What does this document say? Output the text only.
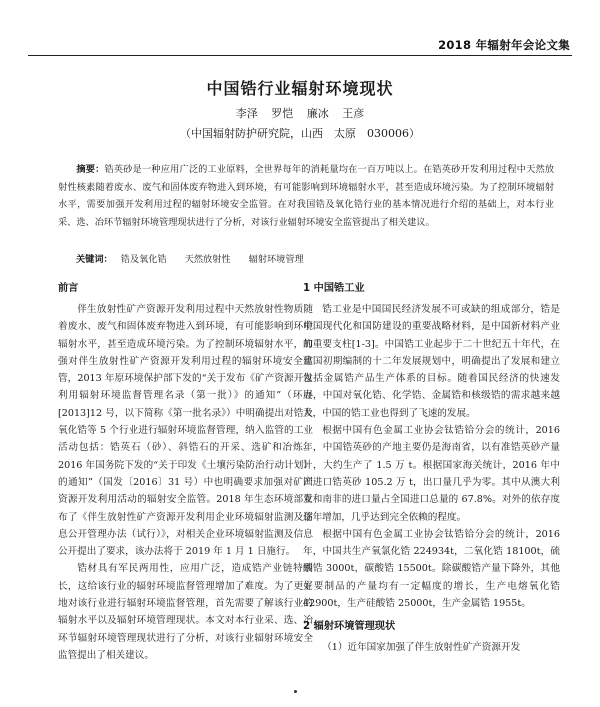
2018 年辐射年会论文集
中国锆行业辐射环境现状
李泽 罗恺 廉冰 王彦
（中国辐射防护研究院，山西　太原　030006）
摘要：锆英砂是一种应用广泛的工业原料，全世界每年的消耗量均在一百万吨以上。在锆英砂开发利用过程中天然放射性核素随着废水、废气和固体废弃物进入到环境，有可能影响到环境辐射水平，甚至造成环境污染。为了控制环境辐射水平，需要加强开发利用过程的辐射环境安全监管。在对我国锆及氧化锆行业的基本情况进行介绍的基础上，对本行业采、选、冶环节辐射环境管理现状进行了分析，对该行业辐射环境安全监管提出了相关建议。
关键词： 锆及氧化锆 天然放射性 辐射环境管理
前言

伴生放射性矿产资源开发利用过程中天然放射性物质随着废水、废气和固体废弃物进入到环境，有可能影响到环境辐射水平，甚至造成环境污染。为了控制环境辐射水平，加强对伴生放射性矿产资源开发利用过程的辐射环境安全监管，2013 年原环境保护部下发的“关于发布《矿产资源开发利用辐射环境监督管理名录（第一批）》的通知”（环办[2013]12 号，以下简称《第一批名录》）中明确提出对锆及氧化锆等 5 个行业进行辐射环境监督管理，纳入监管的工业活动包括：锆英石（砂）、斜锆石的开采、选矿和冶炼。2016 年国务院下发的“关于印发《土壤污染防治行动计划》的通知”（国发〔2016〕31 号）中也明确要求加强对矿产资源开发利用活动的辐射安全监管。2018 年生态环境部发布了《伴生放射性矿产资源开发利用企业环境辐射监测及信息公开管理办法（试行）》，对相关企业环境辐射监测及信息公开提出了要求，该办法将于 2019 年 1 月 1 日施行。

锆材具有军民两用性，应用广泛，造成锆产业链特别长，这给该行业的辐射环境监督管理增加了难度。为了更好地对该行业进行辐射环境监督管理，首先需要了解该行业的辐射水平以及辐射环境管理现状。本文对本行业采、选、冶环节辐射环境管理现状进行了分析，对该行业辐射环境安全监管提出了相关建议。

1 中国锆工业

锆工业是中国国民经济发展不可或缺的组成部分，锆是中国现代化和国防建设的重要战略材料，是中国新材料产业的重要支柱[1-3]。中国锆工业起步于二十世纪五十年代，在建国初期编制的十二年发展规划中，明确提出了发展和建立包括金属锆产品生产体系的目标。随着国民经济的快速发展，中国对氧化锆、化学锆、金属锆和核级锆的需求越来越大，中国的锆工业也得到了飞速的发展。

根据中国有色金属工业协会钛锆铪分会的统计，2016 年，中国锆英砂的产地主要仍是海南省，以有准锆英砂产量计，大约生产了 1.5 万 t。根据国家海关统计，2016 年中国进口锆英砂 105.2 万 t，出口量几乎为零。其中从澳大利亚和南非的进口量占全国进口总量的 67.8%。对外的依存度逐年增加，几乎达到完全依赖的程度。

根据中国有色金属工业协会钛锆铪分会的统计，2016 年，中国共生产氧氯化锆 224934t，二氧化锆 18100t，硫酸锆 3000t，碳酸锆 15500t。除碳酸锆产量下降外，其他主要制品的产量均有一定幅度的增长，生产电熔氧化锆 42900t，生产硅酸锆 25000t，生产金属锆 1955t。

2 辐射环境管理现状

（1）近年国家加强了伴生放射性矿产资源开发
